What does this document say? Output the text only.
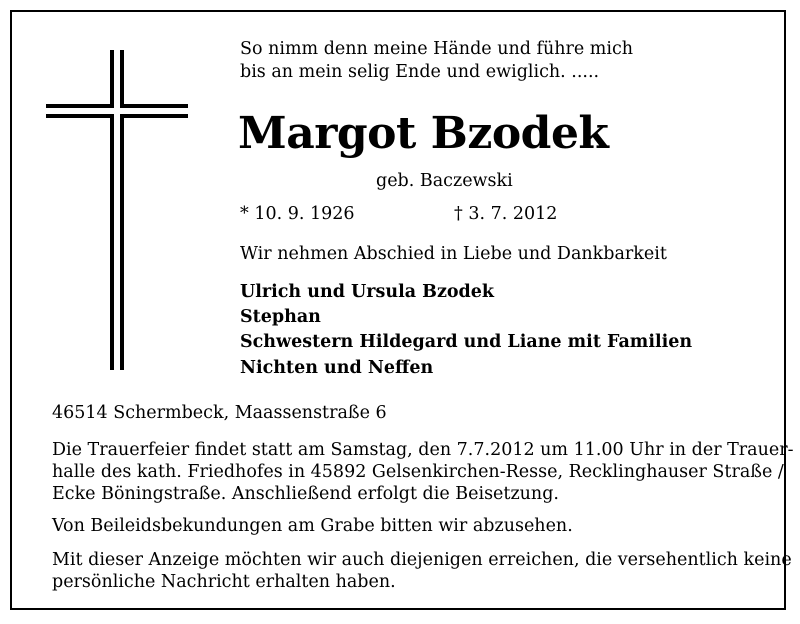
So nimm denn meine Hände und führe mich
bis an mein selig Ende und ewiglich. .....
Margot Bzodek
geb. Baczewski
* 10. 9. 1926	† 3. 7. 2012
Wir nehmen Abschied in Liebe und Dankbarkeit
Ulrich und Ursula Bzodek
Stephan
Schwestern Hildegard und Liane mit Familien
Nichten und Neffen
46514 Schermbeck, Maassenstraße 6
Die Trauerfeier findet statt am Samstag, den 7.7.2012 um 11.00 Uhr in der Trauer-
halle des kath. Friedhofes in 45892 Gelsenkirchen-Resse, Recklinghauser Straße /
Ecke Böningstraße. Anschließend erfolgt die Beisetzung.
Von Beileidsbekundungen am Grabe bitten wir abzusehen.
Mit dieser Anzeige möchten wir auch diejenigen erreichen, die versehentlich keine
persönliche Nachricht erhalten haben.
